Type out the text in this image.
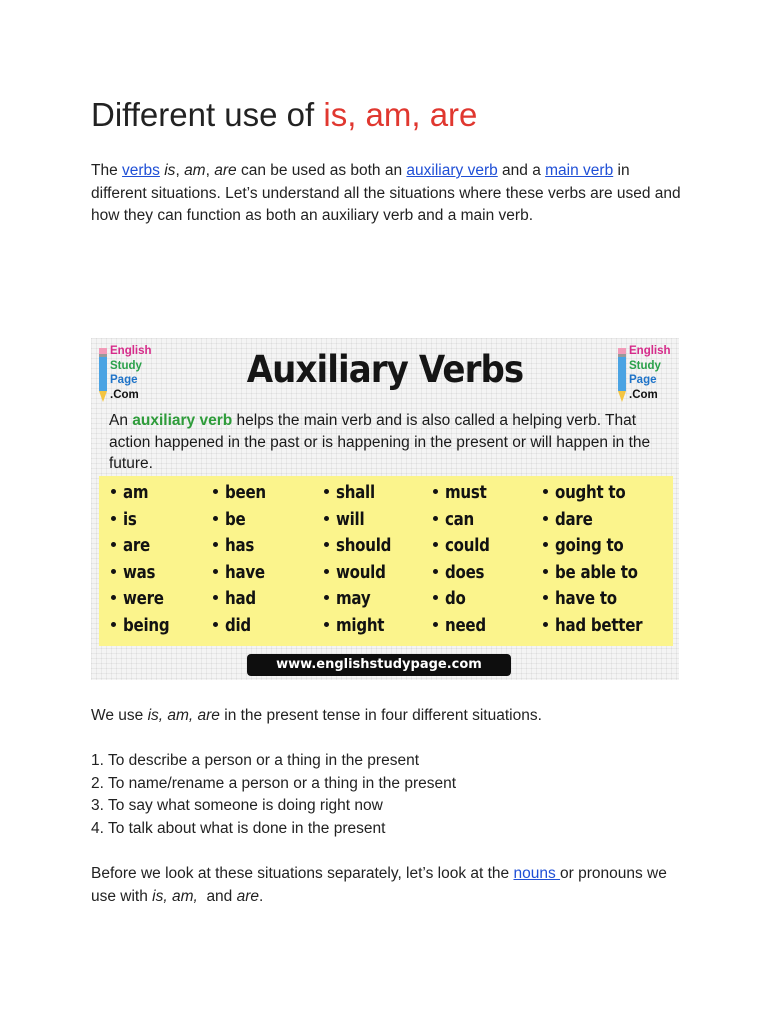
Different use of is, am, are

The verbs is, am, are can be used as both an auxiliary verb and a main verb in different situations. Let’s understand all the situations where these verbs are used and how they can function as both an auxiliary verb and a main verb.

English
Study
Page
.Com
English
Study
Page
.Com
Auxiliary Verbs
An auxiliary verb helps the main verb and is also called a helping verb. That action happened in the past or is happening in the present or will happen in the future.
am
is
are
was
were
being
been
be
has
have
had
did
shall
will
should
would
may
might
must
can
could
does
do
need
ought to
dare
going to
be able to
have to
had better
www.englishstudypage.com

We use is, am, are in the present tense in four different situations.

1. To describe a person or a thing in the present

2. To name/rename a person or a thing in the present

3. To say what someone is doing right now

4. To talk about what is done in the present

Before we look at these situations separately, let’s look at the nouns or pronouns we use with is, am,  and are.
